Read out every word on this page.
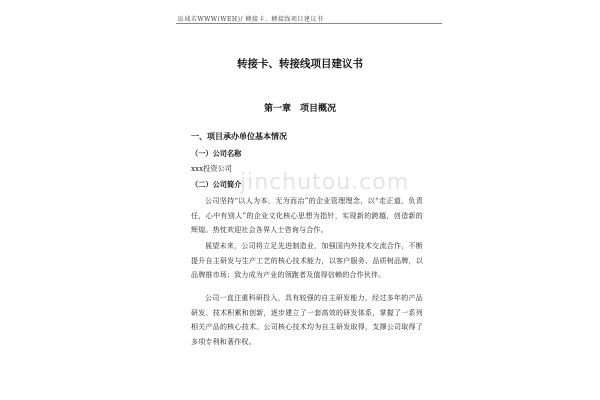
jinchutou.com
區域若WWW(WEH)/ 轉接卡、轉接线项目建议书
转接卡、转接线项目建议书
第一章　项目概况
一、项目承办单位基本情况
（一）公司名称
xxx投资公司
（二）公司简介

公司坚持“以人为本，无为而治”的企业管理理念，以“走正道，负责任，心中有别人”的企业文化核心思想为指针，实现新的跨越，创造新的辉煌。热忱欢迎社会各界人士咨询与合作。

展望未来，公司将立足先进制造业，加强国内外技术交流合作，不断提升自主研发与生产工艺的核心技术能力，以客户服务、品质树品牌，以品牌推市场；致力成为产业的领跑者及值得信赖的合作伙伴。

公司一直注重科研投入，具有较强的自主研发能力，经过多年的产品研发、技术积累和创新，逐步建立了一套高效的研发体系，掌握了一系列相关产品的核心技术。公司核心技术均为自主研发取得，支撑公司取得了多项专利和著作权。
